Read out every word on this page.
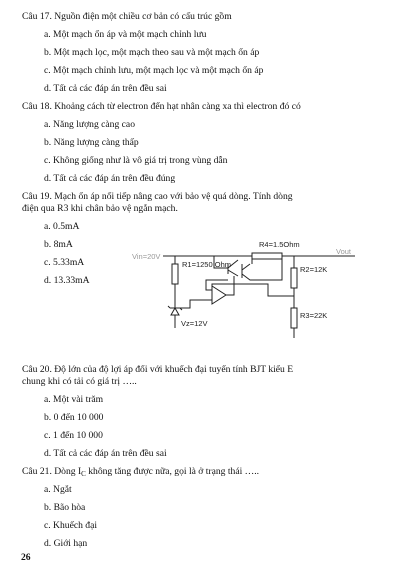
Câu 17. Nguồn điện một chiều cơ bản có cấu trúc gồm
a. Một mạch ổn áp và một mạch chỉnh lưu
b. Một mạch lọc, một mạch theo sau và một mạch ổn áp
c. Một mạch chỉnh lưu, một mạch lọc và một mạch ổn áp
d. Tất cả các đáp án trên đều sai
Câu 18. Khoảng cách từ electron đến hạt nhân càng xa thì electron đó có
a. Năng lượng càng cao
b. Năng lượng càng thấp
c. Không giống như là vô giá trị trong vùng dẫn
d. Tất cả các đáp án trên đều đúng
Câu 19. Mạch ổn áp nối tiếp nâng cao với bảo vệ quá dòng. Tính dòng
điện qua R3 khi chân bảo vệ ngắn mạch.
a. 0.5mA
b. 8mA
c. 5.33mA
d. 13.33mA
R4=1.5Ohm
Vin=20V
R1=1250 Ohm
Vout
R2=12K
R3=22K
Vz=12V
Câu 20. Độ lớn của độ lợi áp đối với khuếch đại tuyến tính BJT kiểu E
chung khi có tải có giá trị …..
a. Một vài trăm
b. 0 đến 10 000
c. 1 đến 10 000
d. Tất cả các đáp án trên đều sai
Câu 21. Dòng $I_C$ không tăng được nữa, gọi là ở trạng thái …..
a. Ngắt
b. Bão hòa
c. Khuếch đại
d. Giới hạn
26
